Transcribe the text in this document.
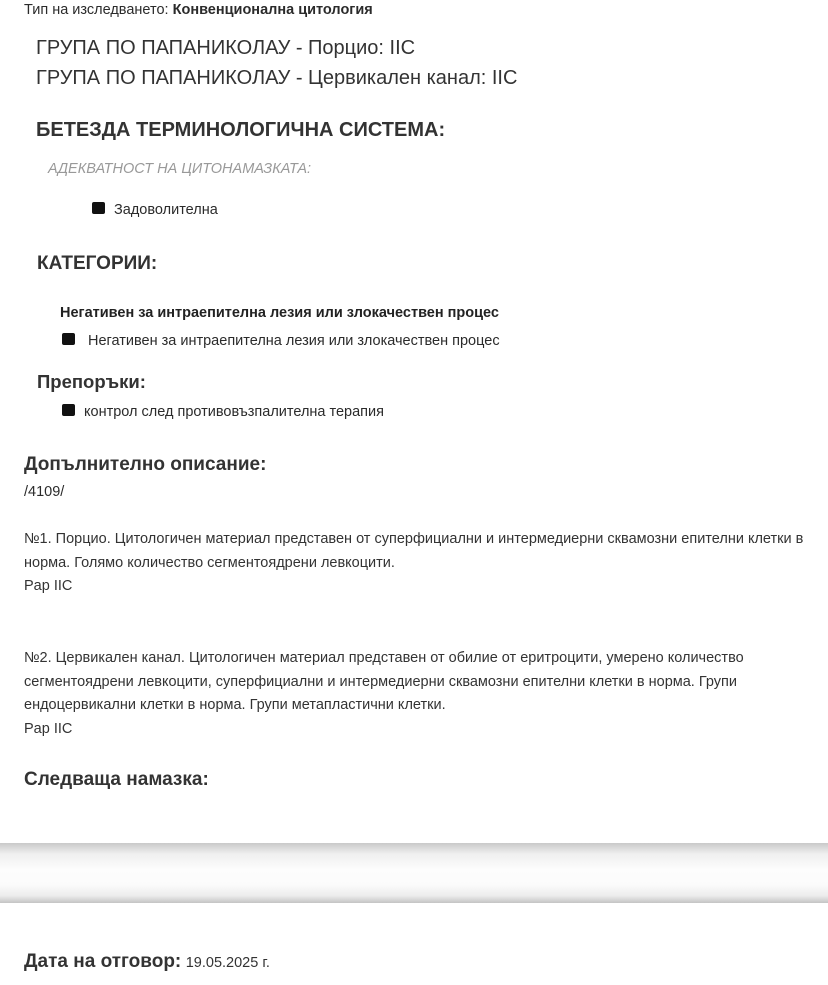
Тип на изследването: Конвенционална цитология
ГРУПА ПО ПАПАНИКОЛАУ - Порцио: IIC
ГРУПА ПО ПАПАНИКОЛАУ - Цервикален канал: IIC
БЕТЕЗДА ТЕРМИНОЛОГИЧНА СИСТЕМА:
АДЕКВАТНОСТ НА ЦИТОНАМАЗКАТА:
Задоволителна
КАТЕГОРИИ:
Негативен за интраепителна лезия или злокачествен процес
Негативен за интраепителна лезия или злокачествен процес
Препоръки:
контрол след противовъзпалителна терапия
Допълнително описание:
/4109/
№1. Порцио. Цитологичен материал представен от суперфициални и интермедиерни сквамозни епителни клетки в норма. Голямо количество сегментоядрени левкоцити.
Pap IIC
№2. Цервикален канал. Цитологичен материал представен от обилие от еритроцити, умерено количество сегментоядрени левкоцити, суперфициални и интермедиерни сквамозни епителни клетки в норма. Групи ендоцервикални клетки в норма. Групи метапластични клетки.
Pap IIC
Следваща намазка:
Дата на отговор: 19.05.2025 г.
